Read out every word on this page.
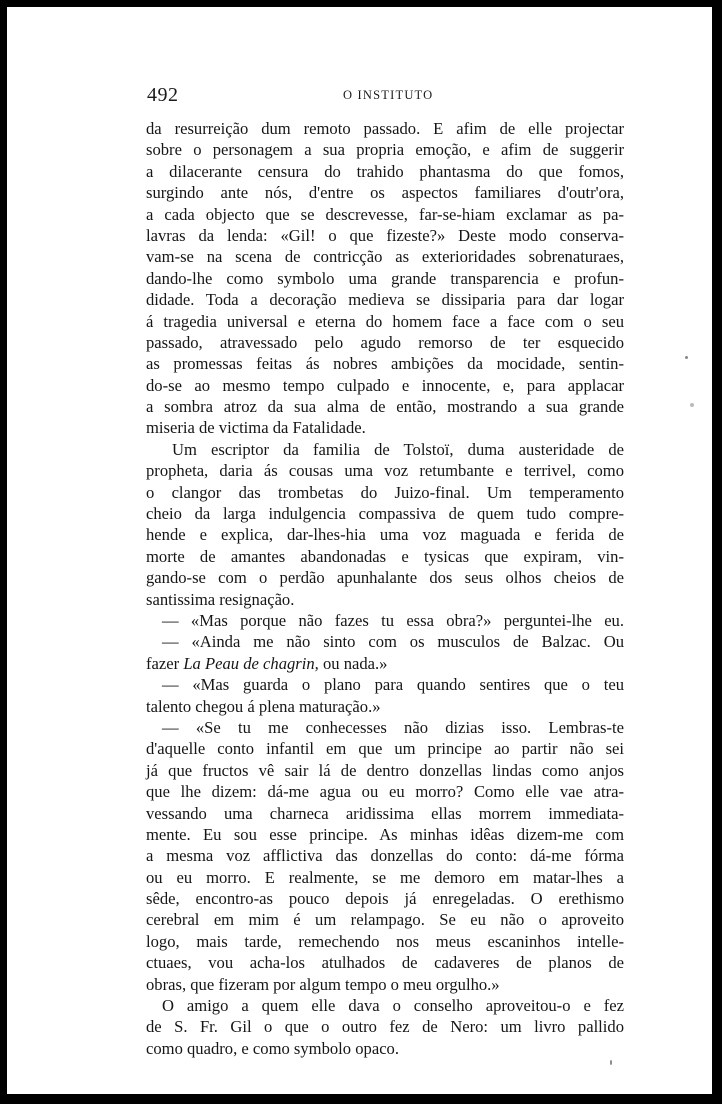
492	O INSTITUTO
da resurreição dum remoto passado. E afim de elle projectar
sobre o personagem a sua propria emoção, e afim de suggerir
a dilacerante censura do trahido phantasma do que fomos,
surgindo ante nós, d'entre os aspectos familiares d'outr'ora,
a cada objecto que se descrevesse, far-se-hiam exclamar as pa-
lavras da lenda: «Gil! o que fizeste?» Deste modo conserva-
vam-se na scena de contricção as exterioridades sobrenaturaes,
dando-lhe como symbolo uma grande transparencia e profun-
didade. Toda a decoração medieva se dissiparia para dar logar
á tragedia universal e eterna do homem face a face com o seu
passado, atravessado pelo agudo remorso de ter esquecido
as promessas feitas ás nobres ambições da mocidade, sentin-
do-se ao mesmo tempo culpado e innocente, e, para applacar
a sombra atroz da sua alma de então, mostrando a sua grande
miseria de victima da Fatalidade.
Um escriptor da familia de Tolstoï, duma austeridade de
propheta, daria ás cousas uma voz retumbante e terrivel, como
o clangor das trombetas do Juizo-final. Um temperamento
cheio da larga indulgencia compassiva de quem tudo compre-
hende e explica, dar-lhes-hia uma voz maguada e ferida de
morte de amantes abandonadas e tysicas que expiram, vin-
gando-se com o perdão apunhalante dos seus olhos cheios de
santissima resignação.
— «Mas porque não fazes tu essa obra?» perguntei-lhe eu.
— «Ainda me não sinto com os musculos de Balzac. Ou
fazer La Peau de chagrin, ou nada.»
— «Mas guarda o plano para quando sentires que o teu
talento chegou á plena maturação.»
— «Se tu me conhecesses não dizias isso. Lembras-te
d'aquelle conto infantil em que um principe ao partir não sei
já que fructos vê sair lá de dentro donzellas lindas como anjos
que lhe dizem: dá-me agua ou eu morro? Como elle vae atra-
vessando uma charneca aridissima ellas morrem immediata-
mente. Eu sou esse principe. As minhas idêas dizem-me com
a mesma voz afflictiva das donzellas do conto: dá-me fórma
ou eu morro. E realmente, se me demoro em matar-lhes a
sêde, encontro-as pouco depois já enregeladas. O erethismo
cerebral em mim é um relampago. Se eu não o aproveito
logo, mais tarde, remechendo nos meus escaninhos intelle-
ctuaes, vou acha-los atulhados de cadaveres de planos de
obras, que fizeram por algum tempo o meu orgulho.»
O amigo a quem elle dava o conselho aproveitou-o e fez
de S. Fr. Gil o que o outro fez de Nero: um livro pallido
como quadro, e como symbolo opaco.
